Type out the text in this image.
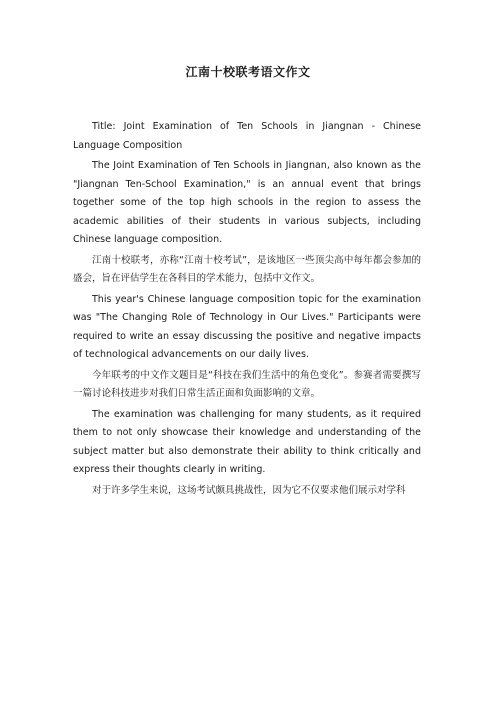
江南十校联考语文作文

Title: Joint Examination of Ten Schools in Jiangnan - Chinese Language Composition

The Joint Examination of Ten Schools in Jiangnan, also known as the "Jiangnan Ten-School Examination," is an annual event that brings together some of the top high schools in the region to assess the academic abilities of their students in various subjects, including Chinese language composition.

江南十校联考，亦称“江南十校考试”，是该地区一些顶尖高中每年都会参加的盛会，旨在评估学生在各科目的学术能力，包括中文作文。

This year's Chinese language composition topic for the examination was "The Changing Role of Technology in Our Lives." Participants were required to write an essay discussing the positive and negative impacts of technological advancements on our daily lives.

今年联考的中文作文题目是“科技在我们生活中的角色变化”。参赛者需要撰写一篇讨论科技进步对我们日常生活正面和负面影响的文章。

The examination was challenging for many students, as it required them to not only showcase their knowledge and understanding of the subject matter but also demonstrate their ability to think critically and express their thoughts clearly in writing.

对于许多学生来说，这场考试颇具挑战性，因为它不仅要求他们展示对学科
